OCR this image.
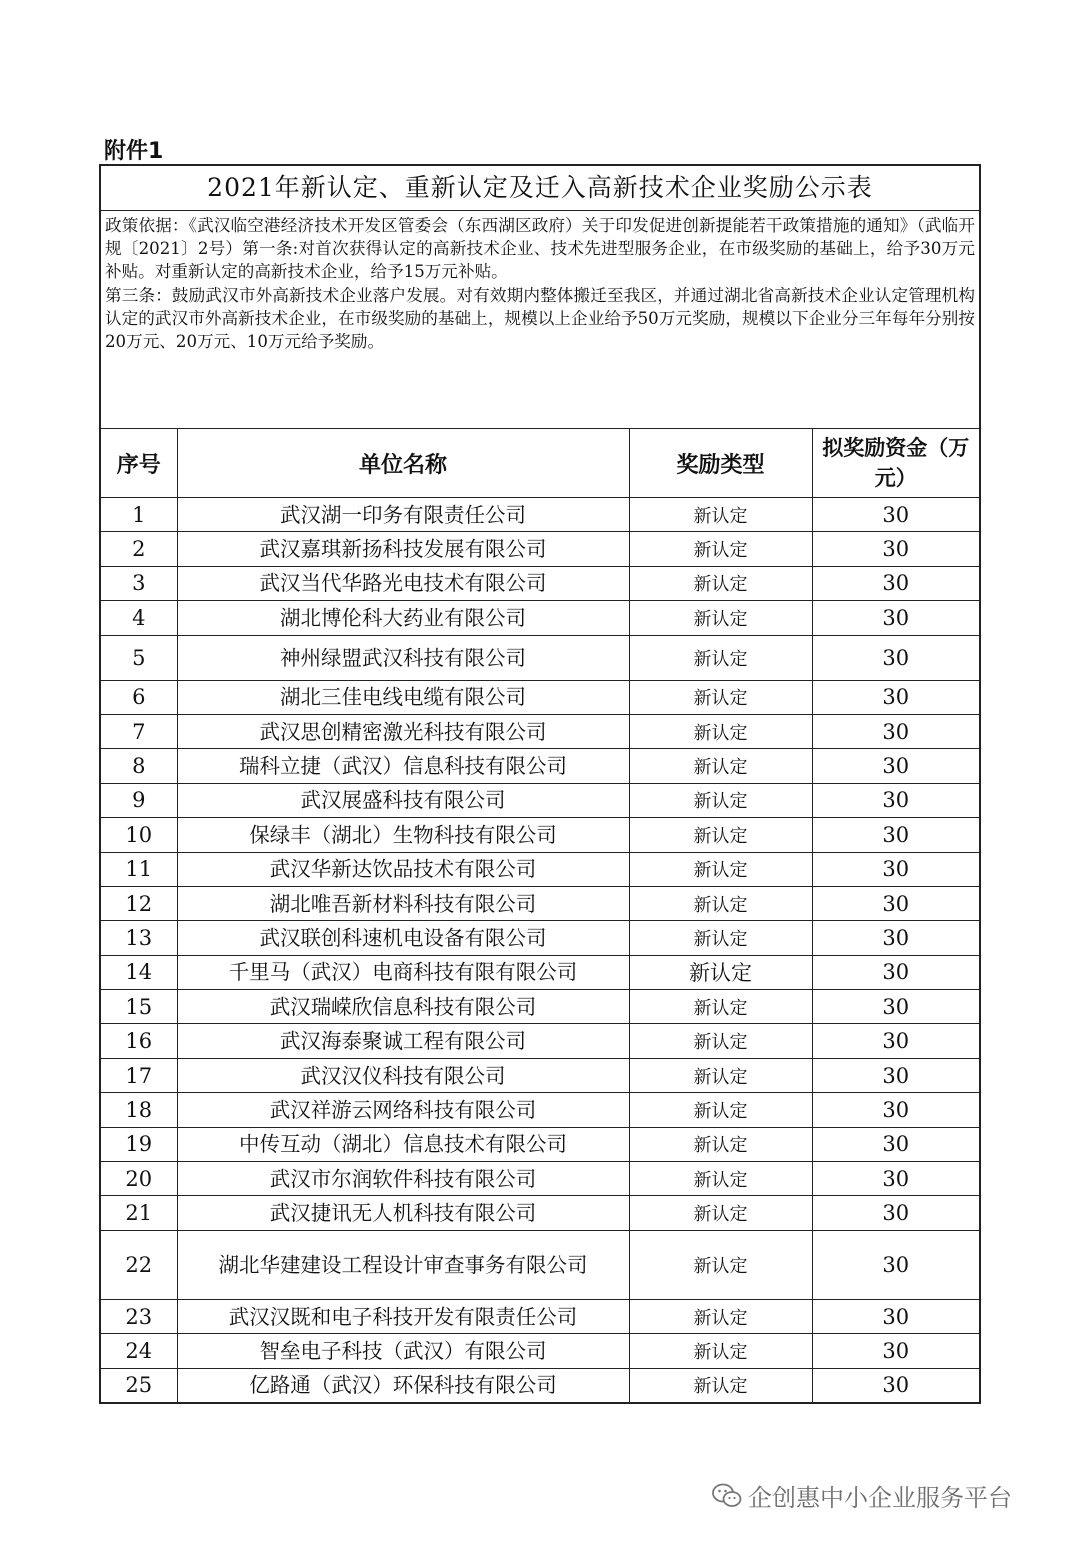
附件1
2021年新认定、重新认定及迁入高新技术企业奖励公示表
政策依据：《武汉临空港经济技术开发区管委会（东西湖区政府）关于印发促进创新提能若干政策措施的通知》（武临开规〔2021〕2号）第一条:对首次获得认定的高新技术企业、技术先进型服务企业，在市级奖励的基础上，给予30万元补贴。对重新认定的高新技术企业，给予15万元补贴。
第三条：鼓励武汉市外高新技术企业落户发展。对有效期内整体搬迁至我区，并通过湖北省高新技术企业认定管理机构认定的武汉市外高新技术企业，在市级奖励的基础上，规模以上企业给予50万元奖励，规模以下企业分三年每年分别按20万元、20万元、10万元给予奖励。
序号	单位名称	奖励类型	拟奖励资金（万元）
1	武汉湖一印务有限责任公司	新认定	30
2	武汉嘉琪新扬科技发展有限公司	新认定	30
3	武汉当代华路光电技术有限公司	新认定	30
4	湖北博伦科大药业有限公司	新认定	30
5	神州绿盟武汉科技有限公司	新认定	30
6	湖北三佳电线电缆有限公司	新认定	30
7	武汉思创精密激光科技有限公司	新认定	30
8	瑞科立捷（武汉）信息科技有限公司	新认定	30
9	武汉展盛科技有限公司	新认定	30
10	保绿丰（湖北）生物科技有限公司	新认定	30
11	武汉华新达饮品技术有限公司	新认定	30
12	湖北唯吾新材料科技有限公司	新认定	30
13	武汉联创科速机电设备有限公司	新认定	30
14	千里马（武汉）电商科技有限有限公司	新认定	30
15	武汉瑞嵘欣信息科技有限公司	新认定	30
16	武汉海泰聚诚工程有限公司	新认定	30
17	武汉汉仪科技有限公司	新认定	30
18	武汉祥游云网络科技有限公司	新认定	30
19	中传互动（湖北）信息技术有限公司	新认定	30
20	武汉市尔润软件科技有限公司	新认定	30
21	武汉捷讯无人机科技有限公司	新认定	30
22	湖北华建建设工程设计审查事务有限公司	新认定	30
23	武汉汉既和电子科技开发有限责任公司	新认定	30
24	智垒电子科技（武汉）有限公司	新认定	30
25	亿路通（武汉）环保科技有限公司	新认定	30
企创惠中小企业服务平台
